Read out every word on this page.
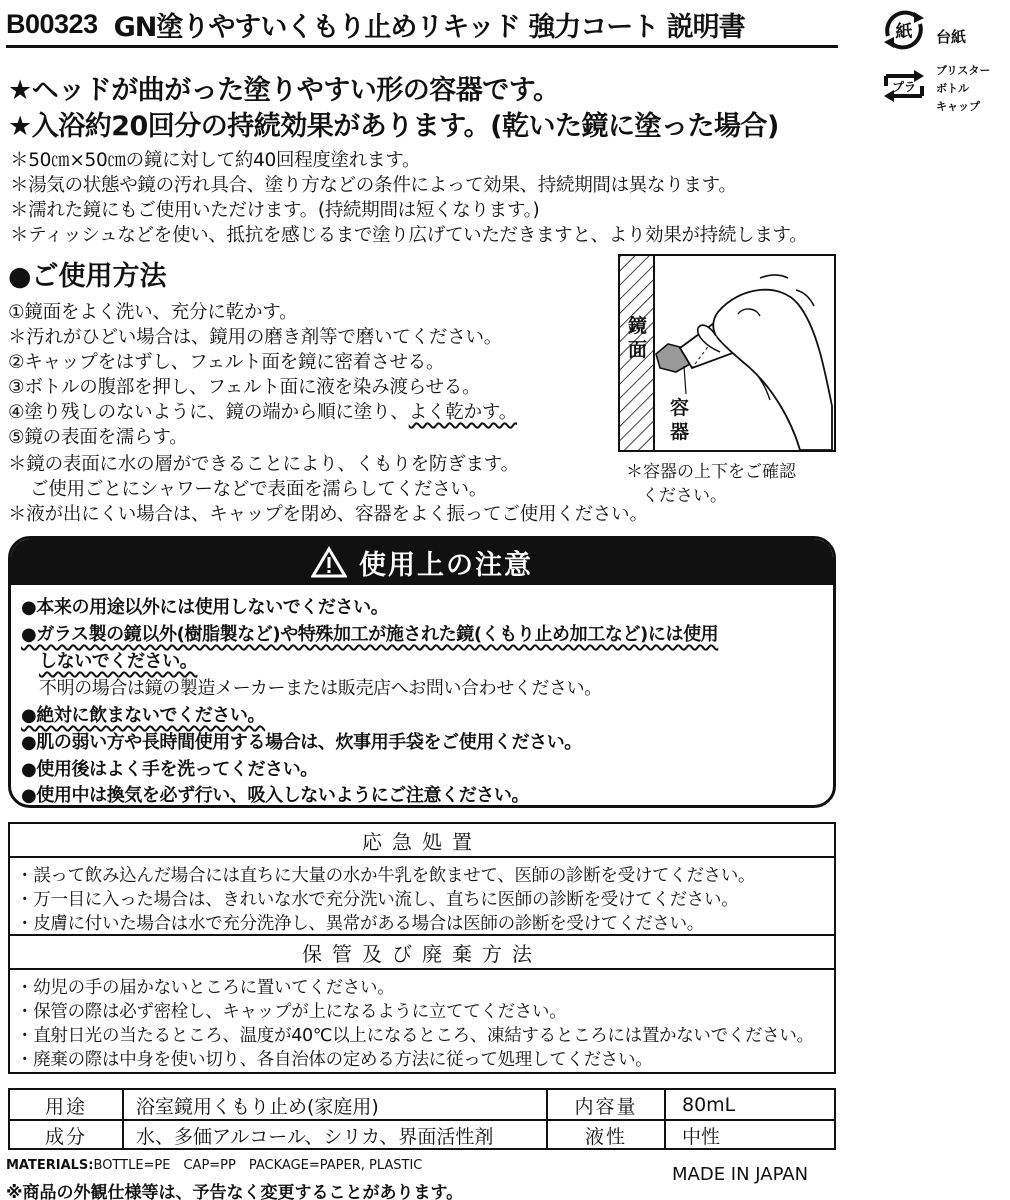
B00323 GN塗りやすいくもり止めリキッド 強力コート 説明書	紙 台紙
プラ
ブリスター
ボトル
キャップ
★ヘッドが曲がった塗りやすい形の容器です。
★入浴約20回分の持続効果があります。(乾いた鏡に塗った場合)
＊50㎝×50㎝の鏡に対して約40回程度塗れます。
＊湯気の状態や鏡の汚れ具合、塗り方などの条件によって効果、持続期間は異なります。
＊濡れた鏡にもご使用いただけます。(持続期間は短くなります。)
＊ティッシュなどを使い、抵抗を感じるまで塗り広げていただきますと、より効果が持続します。
●ご使用方法
①鏡面をよく洗い、充分に乾かす。
＊汚れがひどい場合は、鏡用の磨き剤等で磨いてください。
②キャップをはずし、フェルト面を鏡に密着させる。
③ボトルの腹部を押し、フェルト面に液を染み渡らせる。
④塗り残しのないように、鏡の端から順に塗り、よく乾かす。
⑤鏡の表面を濡らす。
＊鏡の表面に水の層ができることにより、くもりを防ぎます。
ご使用ごとにシャワーなどで表面を濡らしてください。
＊液が出にくい場合は、キャップを閉め、容器をよく振ってご使用ください。
鏡面
容器
＊容器の上下をご確認
ください。
使用上の注意
●本来の用途以外には使用しないでください。
●ガラス製の鏡以外(樹脂製など)や特殊加工が施された鏡(くもり止め加工など)には使用
しないでください。
不明の場合は鏡の製造メーカーまたは販売店へお問い合わせください。
●絶対に飲まないでください。
●肌の弱い方や長時間使用する場合は、炊事用手袋をご使用ください。
●使用後はよく手を洗ってください。
●使用中は換気を必ず行い、吸入しないようにご注意ください。
応急処置
・誤って飲み込んだ場合には直ちに大量の水か牛乳を飲ませて、医師の診断を受けてください。
・万一目に入った場合は、きれいな水で充分洗い流し、直ちに医師の診断を受けてください。
・皮膚に付いた場合は水で充分洗浄し、異常がある場合は医師の診断を受けてください。
保管及び廃棄方法
・幼児の手の届かないところに置いてください。
・保管の際は必ず密栓し、キャップが上になるように立ててください。
・直射日光の当たるところ、温度が40℃以上になるところ、凍結するところには置かないでください。
・廃棄の際は中身を使い切り、各自治体の定める方法に従って処理してください。
用途	浴室鏡用くもり止め(家庭用)	内容量	80mL
成分	水、多価アルコール、シリカ、界面活性剤	液性	中性
MATERIALS:BOTTLE=PE　CAP=PP　PACKAGE=PAPER, PLASTIC	MADE IN JAPAN
※商品の外観仕様等は、予告なく変更することがあります。
